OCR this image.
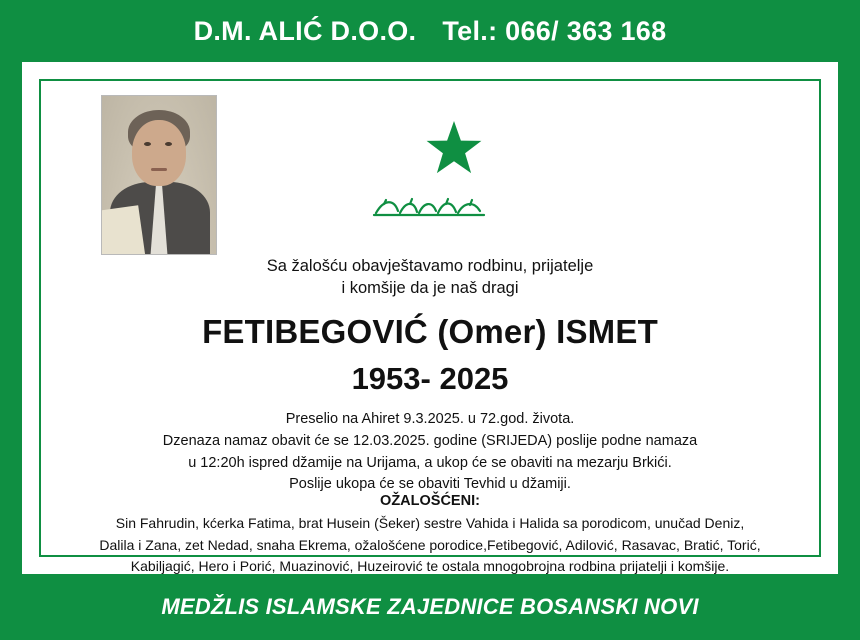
D.M. ALIĆ D.O.O. Tel.: 066/ 363 168
Sa žalošću obavještavamo rodbinu, prijatelje
i komšije da je naš dragi
FETIBEGOVIĆ (Omer) ISMET
1953- 2025
Preselio na Ahiret 9.3.2025. u 72.god. života.
Dzenaza namaz obavit će se 12.03.2025. godine (SRIJEDA) poslije podne namaza
u 12:20h ispred džamije na Urijama, a ukop će se obaviti na mezarju Brkići.
Poslije ukopa će se obaviti Tevhid u džamiji.
OŽALOŠĆENI:
Sin Fahrudin, kćerka Fatima, brat Husein (Šeker) sestre Vahida i Halida sa porodicom, unučad Deniz,
Dalila i Zana, zet Nedad, snaha Ekrema, ožalošćene porodice,Fetibegović, Adilović, Rasavac, Bratić, Torić,
Kabiljagić, Hero i Porić, Muazinović, Huzeirović te ostala mnogobrojna rodbina prijatelji i komšije.
MEDŽLIS ISLAMSKE ZAJEDNICE BOSANSKI NOVI
